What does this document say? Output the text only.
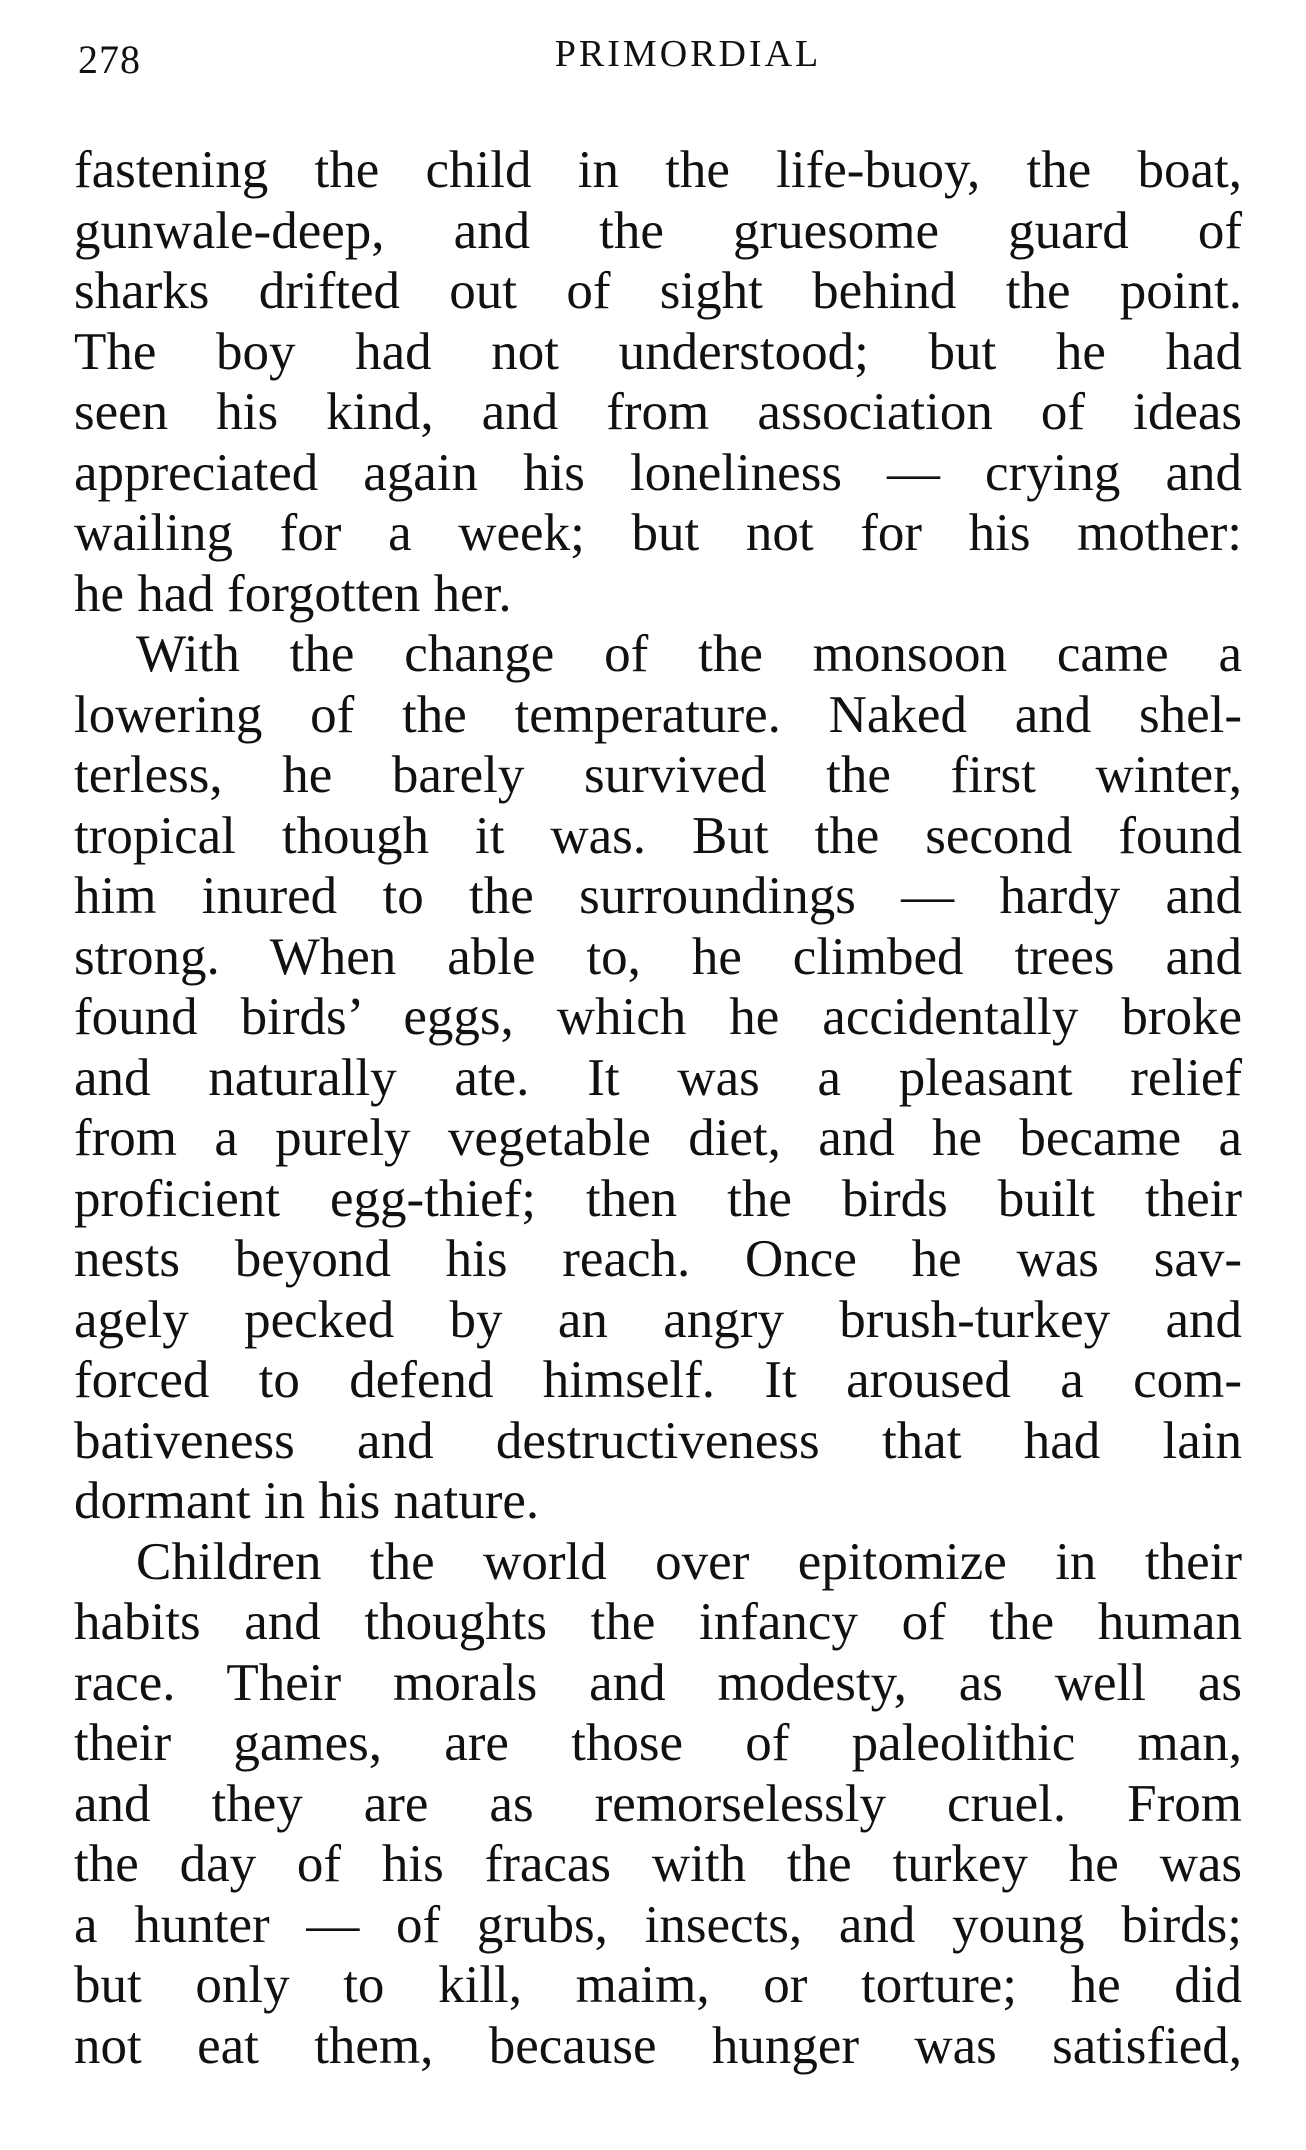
278	PRIMORDIAL
fastening the child in the life-buoy, the boat,
gunwale-deep, and the gruesome guard of
sharks drifted out of sight behind the point.
The boy had not understood; but he had
seen his kind, and from association of ideas
appreciated again his loneliness — crying and
wailing for a week; but not for his mother:
he had forgotten her.
With the change of the monsoon came a
lowering of the temperature. Naked and shel-
terless, he barely survived the first winter,
tropical though it was. But the second found
him inured to the surroundings — hardy and
strong. When able to, he climbed trees and
found birds’ eggs, which he accidentally broke
and naturally ate. It was a pleasant relief
from a purely vegetable diet, and he became a
proficient egg-thief; then the birds built their
nests beyond his reach. Once he was sav-
agely pecked by an angry brush-turkey and
forced to defend himself. It aroused a com-
bativeness and destructiveness that had lain
dormant in his nature.
Children the world over epitomize in their
habits and thoughts the infancy of the human
race. Their morals and modesty, as well as
their games, are those of paleolithic man,
and they are as remorselessly cruel. From
the day of his fracas with the turkey he was
a hunter — of grubs, insects, and young birds;
but only to kill, maim, or torture; he did
not eat them, because hunger was satisfied,
